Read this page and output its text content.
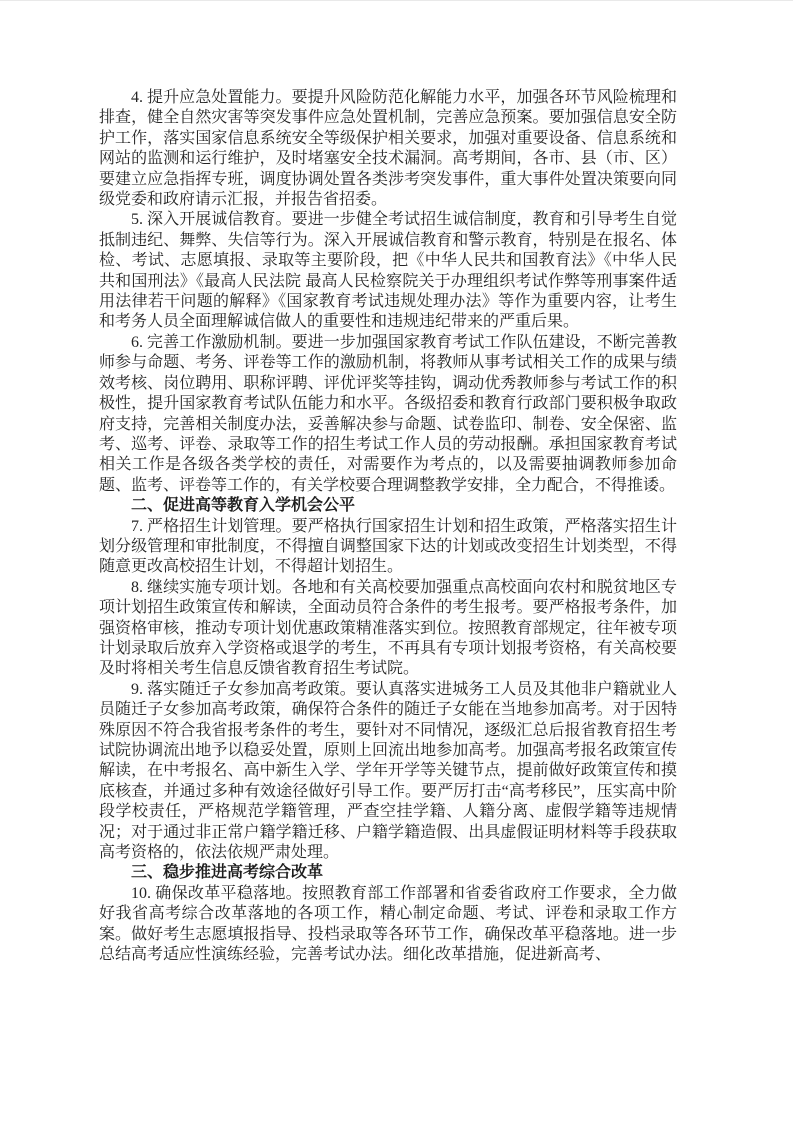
4. 提升应急处置能力。要提升风险防范化解能力水平，加强各环节风险梳理和排查，健全自然灾害等突发事件应急处置机制，完善应急预案。要加强信息安全防护工作，落实国家信息系统安全等级保护相关要求，加强对重要设备、信息系统和网站的监测和运行维护，及时堵塞安全技术漏洞。高考期间，各市、县（市、区）要建立应急指挥专班，调度协调处置各类涉考突发事件，重大事件处置决策要向同级党委和政府请示汇报，并报告省招委。

5. 深入开展诚信教育。要进一步健全考试招生诚信制度，教育和引导考生自觉抵制违纪、舞弊、失信等行为。深入开展诚信教育和警示教育，特别是在报名、体检、考试、志愿填报、录取等主要阶段，把《中华人民共和国教育法》《中华人民共和国刑法》《最高人民法院 最高人民检察院关于办理组织考试作弊等刑事案件适用法律若干问题的解释》《国家教育考试违规处理办法》等作为重要内容，让考生和考务人员全面理解诚信做人的重要性和违规违纪带来的严重后果。

6. 完善工作激励机制。要进一步加强国家教育考试工作队伍建设，不断完善教师参与命题、考务、评卷等工作的激励机制，将教师从事考试相关工作的成果与绩效考核、岗位聘用、职称评聘、评优评奖等挂钩，调动优秀教师参与考试工作的积极性，提升国家教育考试队伍能力和水平。各级招委和教育行政部门要积极争取政府支持，完善相关制度办法，妥善解决参与命题、试卷监印、制卷、安全保密、监考、巡考、评卷、录取等工作的招生考试工作人员的劳动报酬。承担国家教育考试相关工作是各级各类学校的责任，对需要作为考点的，以及需要抽调教师参加命题、监考、评卷等工作的，有关学校要合理调整教学安排，全力配合，不得推诿。

二、促进高等教育入学机会公平

7. 严格招生计划管理。要严格执行国家招生计划和招生政策，严格落实招生计划分级管理和审批制度，不得擅自调整国家下达的计划或改变招生计划类型，不得随意更改高校招生计划，不得超计划招生。

8. 继续实施专项计划。各地和有关高校要加强重点高校面向农村和脱贫地区专项计划招生政策宣传和解读，全面动员符合条件的考生报考。要严格报考条件，加强资格审核，推动专项计划优惠政策精准落实到位。按照教育部规定，往年被专项计划录取后放弃入学资格或退学的考生，不再具有专项计划报考资格，有关高校要及时将相关考生信息反馈省教育招生考试院。

9. 落实随迁子女参加高考政策。要认真落实进城务工人员及其他非户籍就业人员随迁子女参加高考政策，确保符合条件的随迁子女能在当地参加高考。对于因特殊原因不符合我省报考条件的考生，要针对不同情况，逐级汇总后报省教育招生考试院协调流出地予以稳妥处置，原则上回流出地参加高考。加强高考报名政策宣传解读，在中考报名、高中新生入学、学年开学等关键节点，提前做好政策宣传和摸底核查，并通过多种有效途径做好引导工作。要严厉打击“高考移民”，压实高中阶段学校责任，严格规范学籍管理，严查空挂学籍、人籍分离、虚假学籍等违规情况；对于通过非正常户籍学籍迁移、户籍学籍造假、出具虚假证明材料等手段获取高考资格的，依法依规严肃处理。

三、稳步推进高考综合改革

10. 确保改革平稳落地。按照教育部工作部署和省委省政府工作要求，全力做好我省高考综合改革落地的各项工作，精心制定命题、考试、评卷和录取工作方案。做好考生志愿填报指导、投档录取等各环节工作，确保改革平稳落地。进一步总结高考适应性演练经验，完善考试办法。细化改革措施，促进新高考、
